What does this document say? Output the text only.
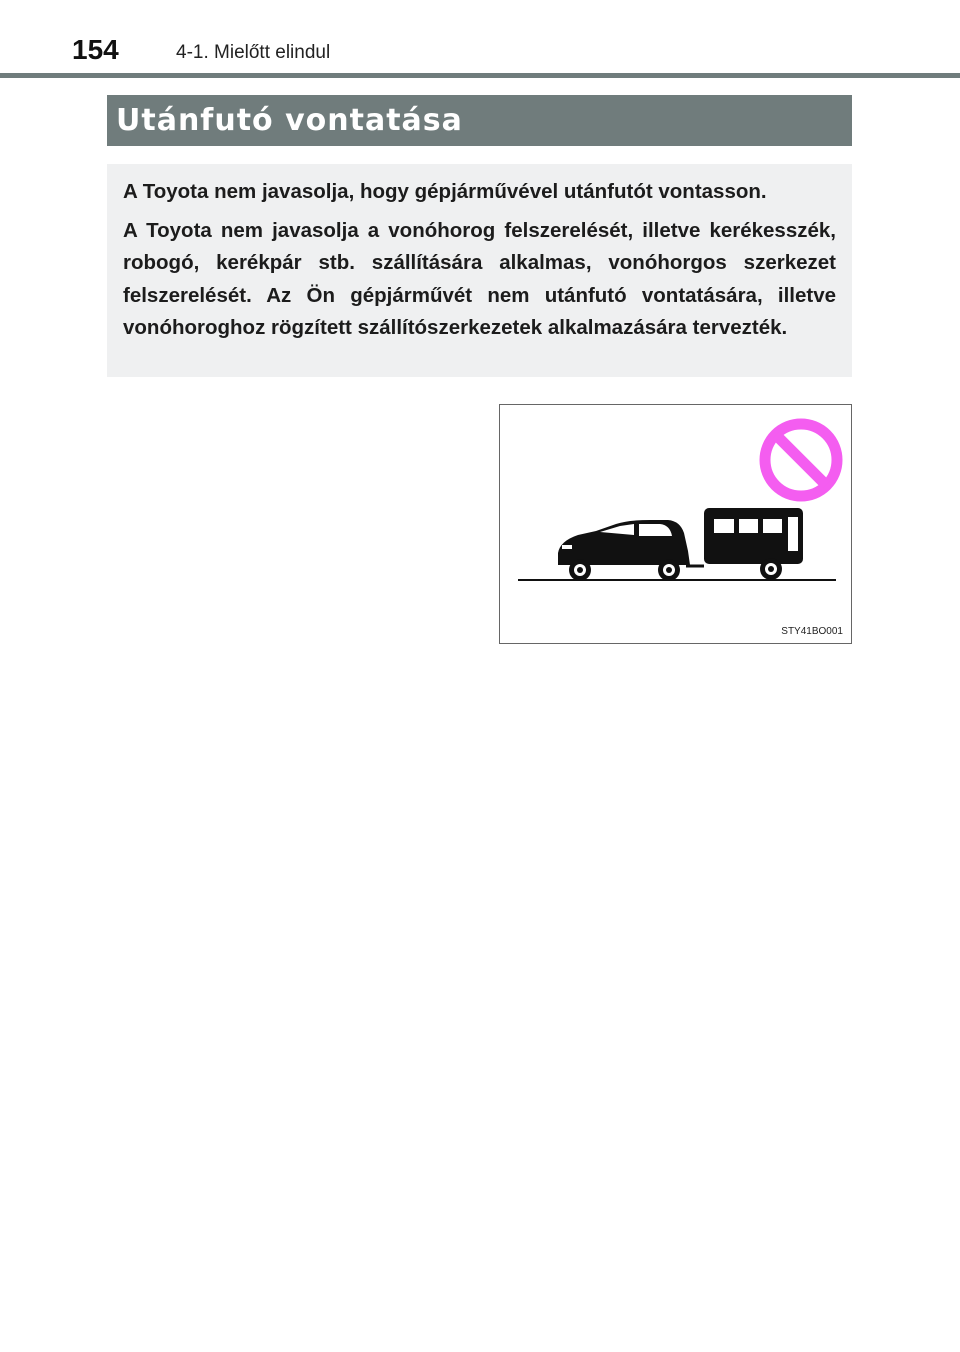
154	4-1. Mielőtt elindul
Utánfutó vontatása

A Toyota nem javasolja, hogy gépjárművével utánfutót vontasson.

A Toyota nem javasolja a vonóhorog felszerelését, illetve kerékesszék, robogó, kerékpár stb. szállítására alkalmas, vonóhorgos szerkezet felszerelését. Az Ön gépjárművét nem utánfutó vontatására, illetve vonóhoroghoz rögzített szállítószerkezetek alkalmazására tervezték.

STY41BO001
